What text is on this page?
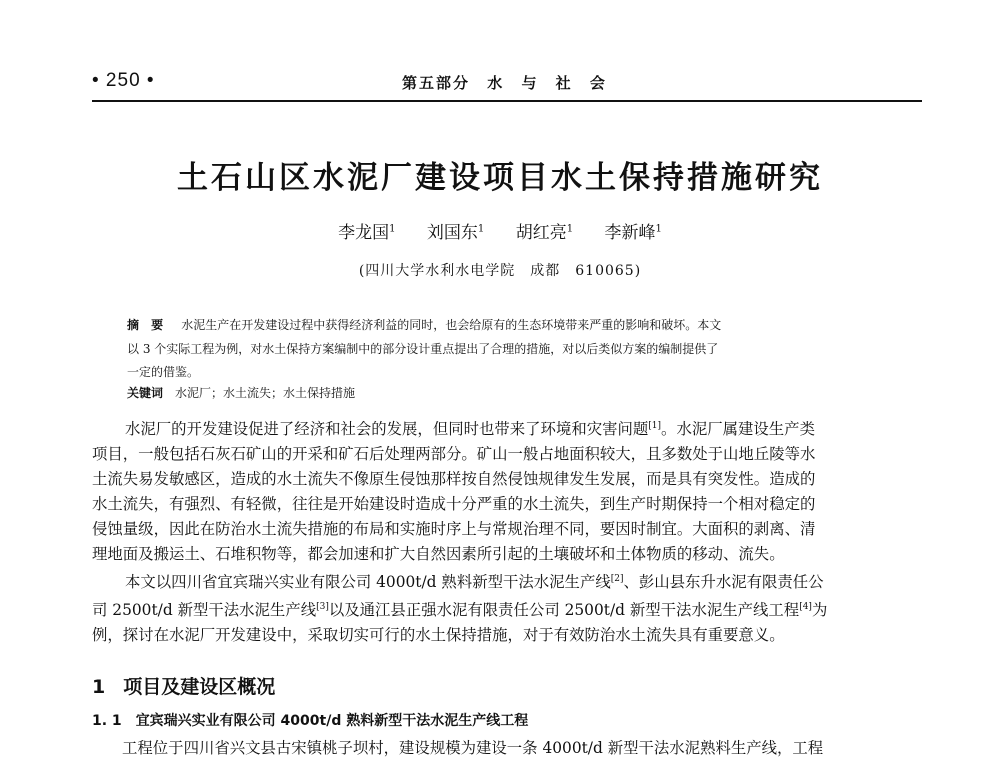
• 250 •	第五部分 水 与 社 会
土石山区水泥厂建设项目水土保持措施研究
李龙国$^1$ 刘国东$^1$ 胡红亮$^1$ 李新峰$^1$
(四川大学水利水电学院　成都　610065)
摘 要 水泥生产在开发建设过程中获得经济利益的同时，也会给原有的生态环境带来严重的影响和破坏。本文
以 3 个实际工程为例，对水土保持方案编制中的部分设计重点提出了合理的措施，对以后类似方案的编制提供了
一定的借鉴。
关键词 水泥厂；水土流失；水土保持措施
水泥厂的开发建设促进了经济和社会的发展，但同时也带来了环境和灾害问题[1]。水泥厂属建设生产类
项目，一般包括石灰石矿山的开采和矿石后处理两部分。矿山一般占地面积较大，且多数处于山地丘陵等水
土流失易发敏感区，造成的水土流失不像原生侵蚀那样按自然侵蚀规律发生发展，而是具有突发性。造成的
水土流失，有强烈、有轻微，往往是开始建设时造成十分严重的水土流失，到生产时期保持一个相对稳定的
侵蚀量级，因此在防治水土流失措施的布局和实施时序上与常规治理不同，要因时制宜。大面积的剥离、清
理地面及搬运土、石堆积物等，都会加速和扩大自然因素所引起的土壤破坏和土体物质的移动、流失。
本文以四川省宜宾瑞兴实业有限公司 4000t/d 熟料新型干法水泥生产线[2]、彭山县东升水泥有限责任公
司 2500t/d 新型干法水泥生产线[3]以及通江县正强水泥有限责任公司 2500t/d 新型干法水泥生产线工程[4]为
例，探讨在水泥厂开发建设中，采取切实可行的水土保持措施，对于有效防治水土流失具有重要意义。
1 项目及建设区概况
1. 1 宜宾瑞兴实业有限公司 4000t/d 熟料新型干法水泥生产线工程
工程位于四川省兴文县古宋镇桃子坝村，建设规模为建设一条 4000t/d 新型干法水泥熟料生产线，工程
